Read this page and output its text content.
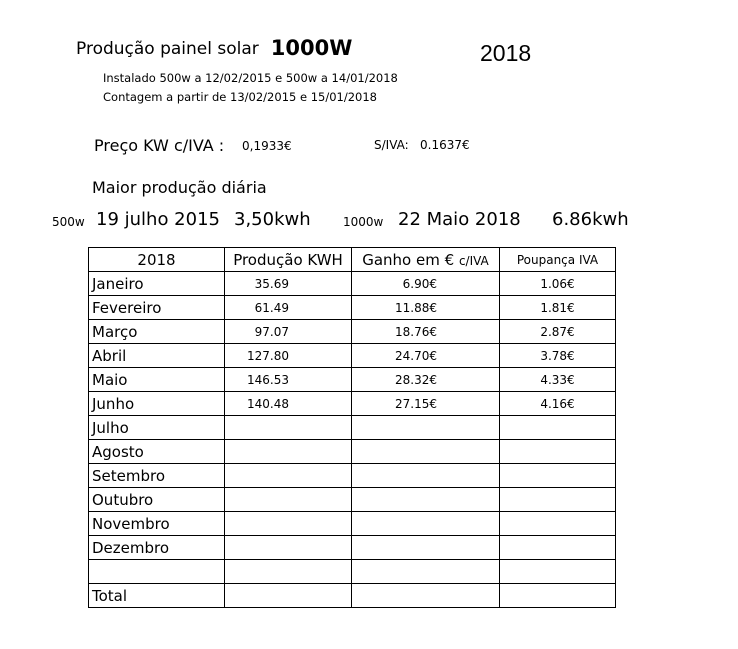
Produção painel solar 1000W	2018
Instalado 500w a 12/02/2015 e 500w a 14/01/2018
Contagem a partir de 13/02/2015 e 15/01/2018
Preço KW c/IVA : 0,1933€	S/IVA: 0.1637€
Maior produção diária
500w 19 julho 2015 3,50kwh	1000w 22 Maio 2018 6.86kwh
2018	Produção KWH	Ganho em € c/IVA	Poupança IVA
Janeiro	35.69	6.90€	1.06€
Fevereiro	61.49	11.88€	1.81€
Março	97.07	18.76€	2.87€
Abril	127.80	24.70€	3.78€
Maio	146.53	28.32€	4.33€
Junho	140.48	27.15€	4.16€
Julho			
Agosto			
Setembro			
Outubro			
Novembro			
Dezembro			

Total			
